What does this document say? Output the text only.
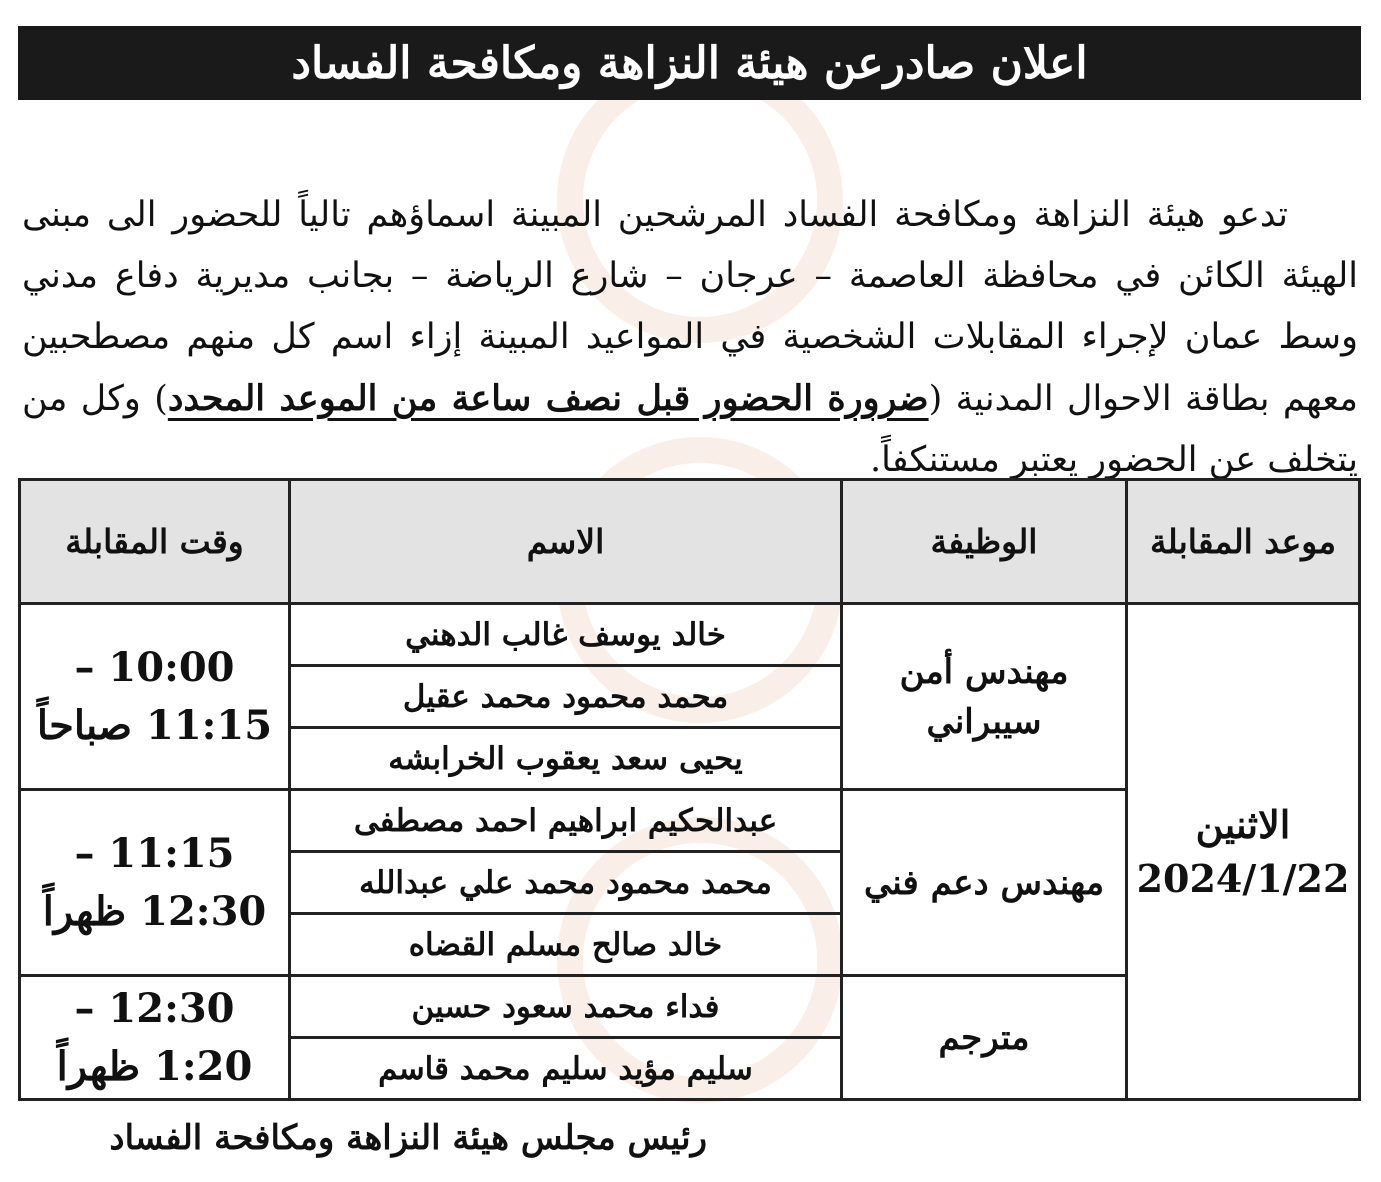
اعلان صادرعن هيئة النزاهة ومكافحة الفساد

تدعو هيئة النزاهة ومكافحة الفساد المرشحين المبينة اسماؤهم تالياً للحضور الى مبنى الهيئة الكائن في محافظة العاصمة – عرجان – شارع الرياضة – بجانب مديرية دفاع مدني وسط عمان لإجراء المقابلات الشخصية في المواعيد المبينة إزاء اسم كل منهم مصطحبين معهم بطاقة الاحوال المدنية (ضرورة الحضور قبل نصف ساعة من الموعد المحدد) وكل من يتخلف عن الحضور يعتبر مستنكفاً.

موعد المقابلة	الوظيفة	الاسم	وقت المقابلة

الاثنين
2024/1/22	مهندس أمن سيبراني	خالد يوسف غالب الدهني	10:00 –
11:15 صباحاً

		محمد محمود محمد عقيل	
		يحيى سعد يعقوب الخرابشه	
	مهندس دعم فني	عبدالحكيم ابراهيم احمد مصطفى	11:15 –
12:30 ظهراً

		محمد محمود محمد علي عبدالله	
		خالد صالح مسلم القضاه	
	مترجم	فداء محمد سعود حسين	12:30 –
1:20 ظهراً

		سليم مؤيد سليم محمد قاسم	
رئيس مجلس هيئة النزاهة ومكافحة الفساد
